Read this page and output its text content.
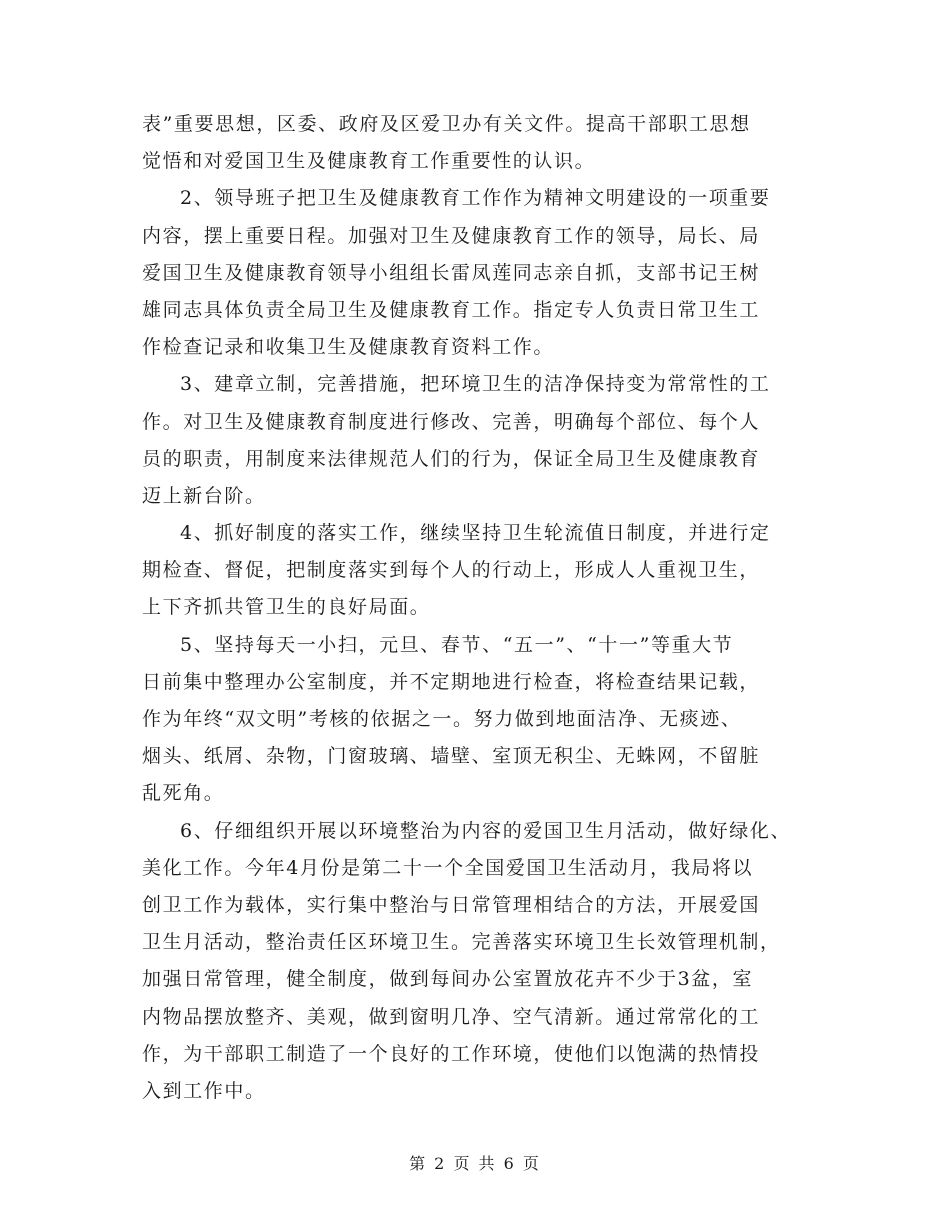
表”重要思想，区委、政府及区爱卫办有关文件。提高干部职工思想
觉悟和对爱国卫生及健康教育工作重要性的认识。
2、领导班子把卫生及健康教育工作作为精神文明建设的一项重要
内容，摆上重要日程。加强对卫生及健康教育工作的领导，局长、局
爱国卫生及健康教育领导小组组长雷凤莲同志亲自抓，支部书记王树
雄同志具体负责全局卫生及健康教育工作。指定专人负责日常卫生工
作检查记录和收集卫生及健康教育资料工作。
3、建章立制，完善措施，把环境卫生的洁净保持变为常常性的工
作。对卫生及健康教育制度进行修改、完善，明确每个部位、每个人
员的职责，用制度来法律规范人们的行为，保证全局卫生及健康教育
迈上新台阶。
4、抓好制度的落实工作，继续坚持卫生轮流值日制度，并进行定
期检查、督促，把制度落实到每个人的行动上，形成人人重视卫生，
上下齐抓共管卫生的良好局面。
5、坚持每天一小扫，元旦、春节、“五一”、“十一”等重大节
日前集中整理办公室制度，并不定期地进行检查，将检查结果记载，
作为年终“双文明”考核的依据之一。努力做到地面洁净、无痰迹、
烟头、纸屑、杂物，门窗玻璃、墙壁、室顶无积尘、无蛛网，不留脏
乱死角。
6、仔细组织开展以环境整治为内容的爱国卫生月活动，做好绿化、
美化工作。今年4月份是第二十一个全国爱国卫生活动月，我局将以
创卫工作为载体，实行集中整治与日常管理相结合的方法，开展爱国
卫生月活动，整治责任区环境卫生。完善落实环境卫生长效管理机制，
加强日常管理，健全制度，做到每间办公室置放花卉不少于3盆，室
内物品摆放整齐、美观，做到窗明几净、空气清新。通过常常化的工
作，为干部职工制造了一个良好的工作环境，使他们以饱满的热情投
入到工作中。
第 2 页 共 6 页
